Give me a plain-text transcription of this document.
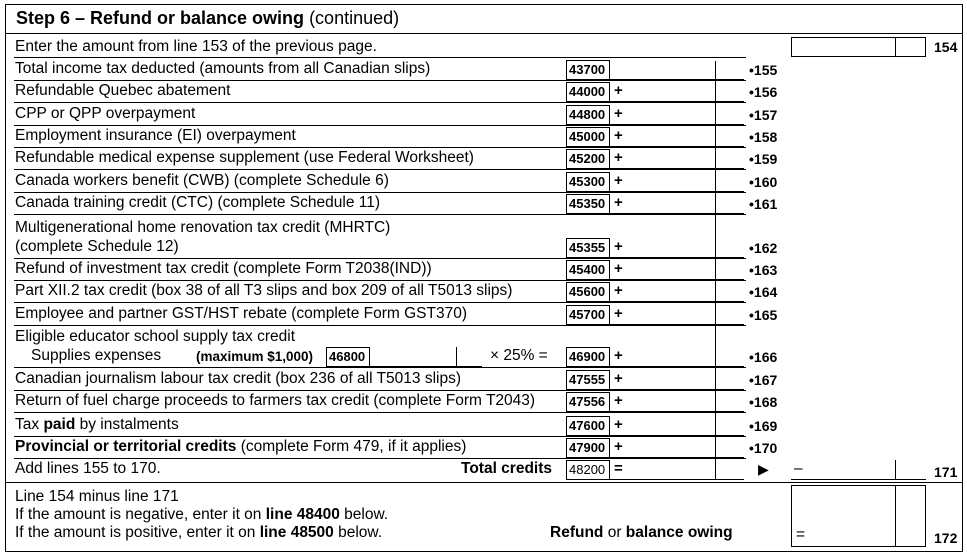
Step 6 – Refund or balance owing (continued)
Enter the amount from line 153 of the previous page.	154
Total income tax deducted (amounts from all Canadian slips)	43700	•155
Refundable Quebec abatement	44000 +	•156
CPP or QPP overpayment	44800 +	•157
Employment insurance (EI) overpayment	45000 +	•158
Refundable medical expense supplement (use Federal Worksheet)	45200 +	•159
Canada workers benefit (CWB) (complete Schedule 6)	45300 +	•160
Canada training credit (CTC) (complete Schedule 11)	45350 +	•161
Multigenerational home renovation tax credit (MHRTC)
(complete Schedule 12)	45355 +	•162
Refund of investment tax credit (complete Form T2038(IND))	45400 +	•163
Part XII.2 tax credit (box 38 of all T3 slips and box 209 of all T5013 slips)	45600 +	•164
Employee and partner GST/HST rebate (complete Form GST370)	45700 +	•165
Eligible educator school supply tax credit
Supplies expenses	(maximum $1,000) 46800	× 25% = 46900 +	•166
Canadian journalism labour tax credit (box 236 of all T5013 slips)	47555 +	•167
Return of fuel charge proceeds to farmers tax credit (complete Form T2043)	47556 +	•168
Tax paid by instalments	47600 +	•169
Provincial or territorial credits (complete Form 479, if it applies)	47900 +	•170
Add lines 155 to 170.	Total credits 48200 =	▶ –	171
Line 154 minus line 171
If the amount is negative, enter it on line 48400 below.
If the amount is positive, enter it on line 48500 below.	Refund or balance owing	=	172
